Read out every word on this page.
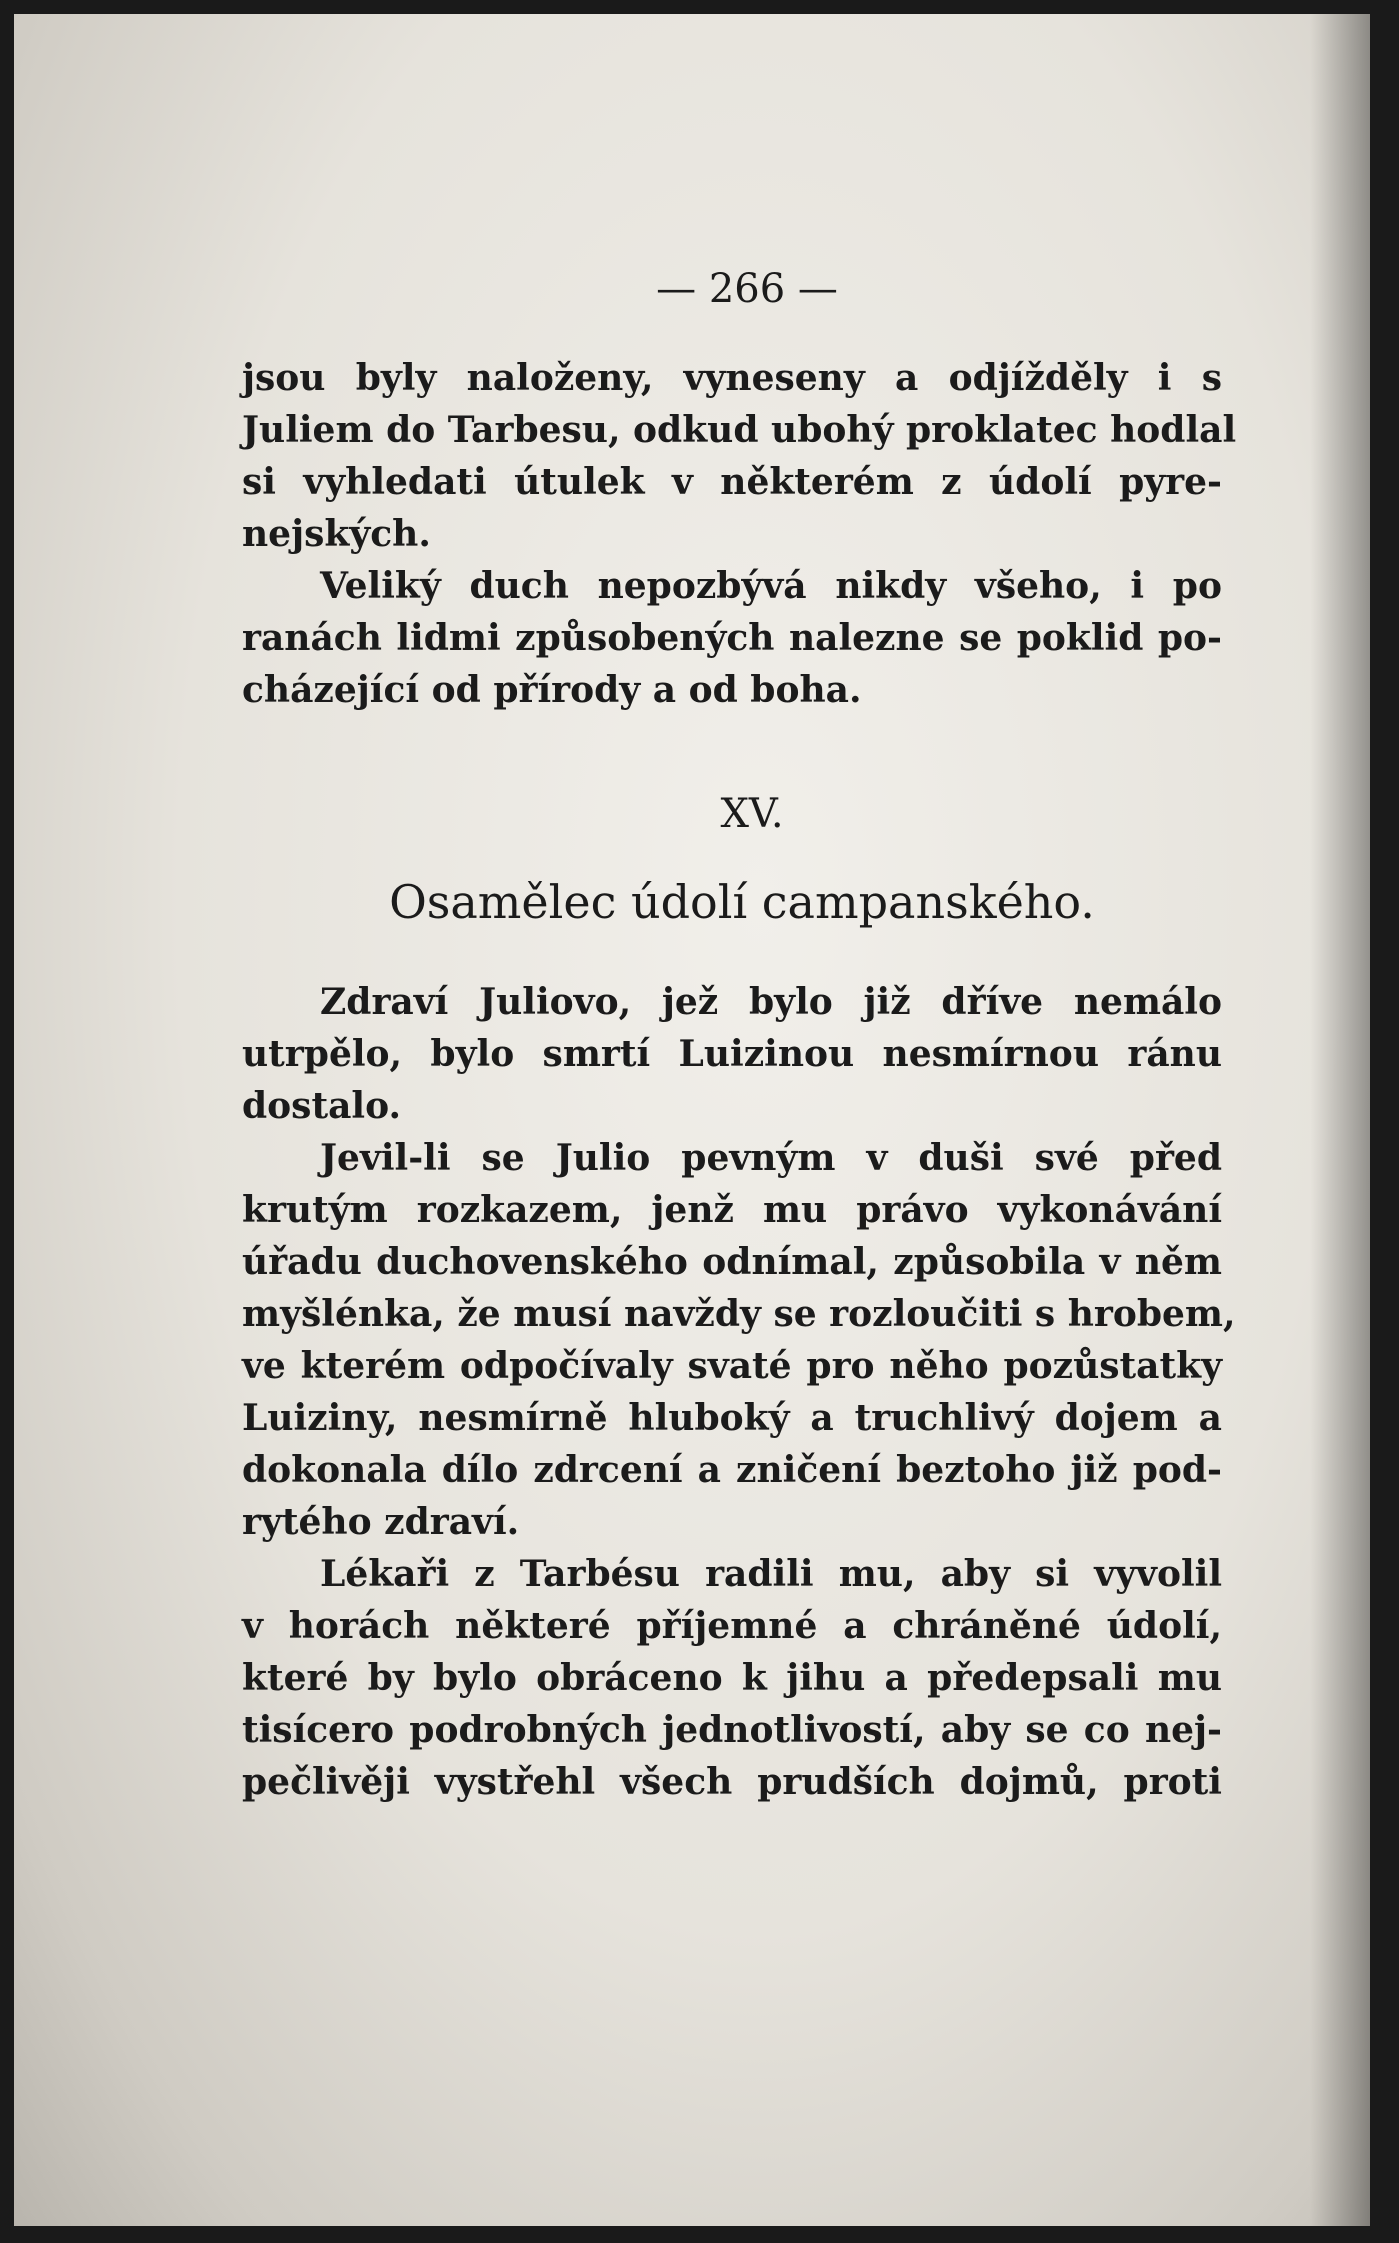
— 266 —

jsou byly naloženy, vyneseny a odjížděly i s
Juliem do Tarbesu, odkud ubohý proklatec hodlal
si vyhledati útulek v některém z údolí pyre-
nejských.

Veliký duch nepozbývá nikdy všeho, i po
ranách lidmi způsobených nalezne se poklid po-
cházející od přírody a od boha.

XV.
Osamělec údolí campanského.

Zdraví Juliovo, jež bylo již dříve nemálo
utrpělo, bylo smrtí Luizinou nesmírnou ránu
dostalo.

Jevil-li se Julio pevným v duši své před
krutým rozkazem, jenž mu právo vykonávání
úřadu duchovenského odnímal, způsobila v něm
myšlénka, že musí navždy se rozloučiti s hrobem,
ve kterém odpočívaly svaté pro něho pozůstatky
Luiziny, nesmírně hluboký a truchlivý dojem a
dokonala dílo zdrcení a zničení beztoho již pod-
rytého zdraví.

Lékaři z Tarbésu radili mu, aby si vyvolil
v horách některé příjemné a chráněné údolí,
které by bylo obráceno k jihu a předepsali mu
tisícero podrobných jednotlivostí, aby se co nej-
pečlivěji vystřehl všech prudších dojmů, proti
